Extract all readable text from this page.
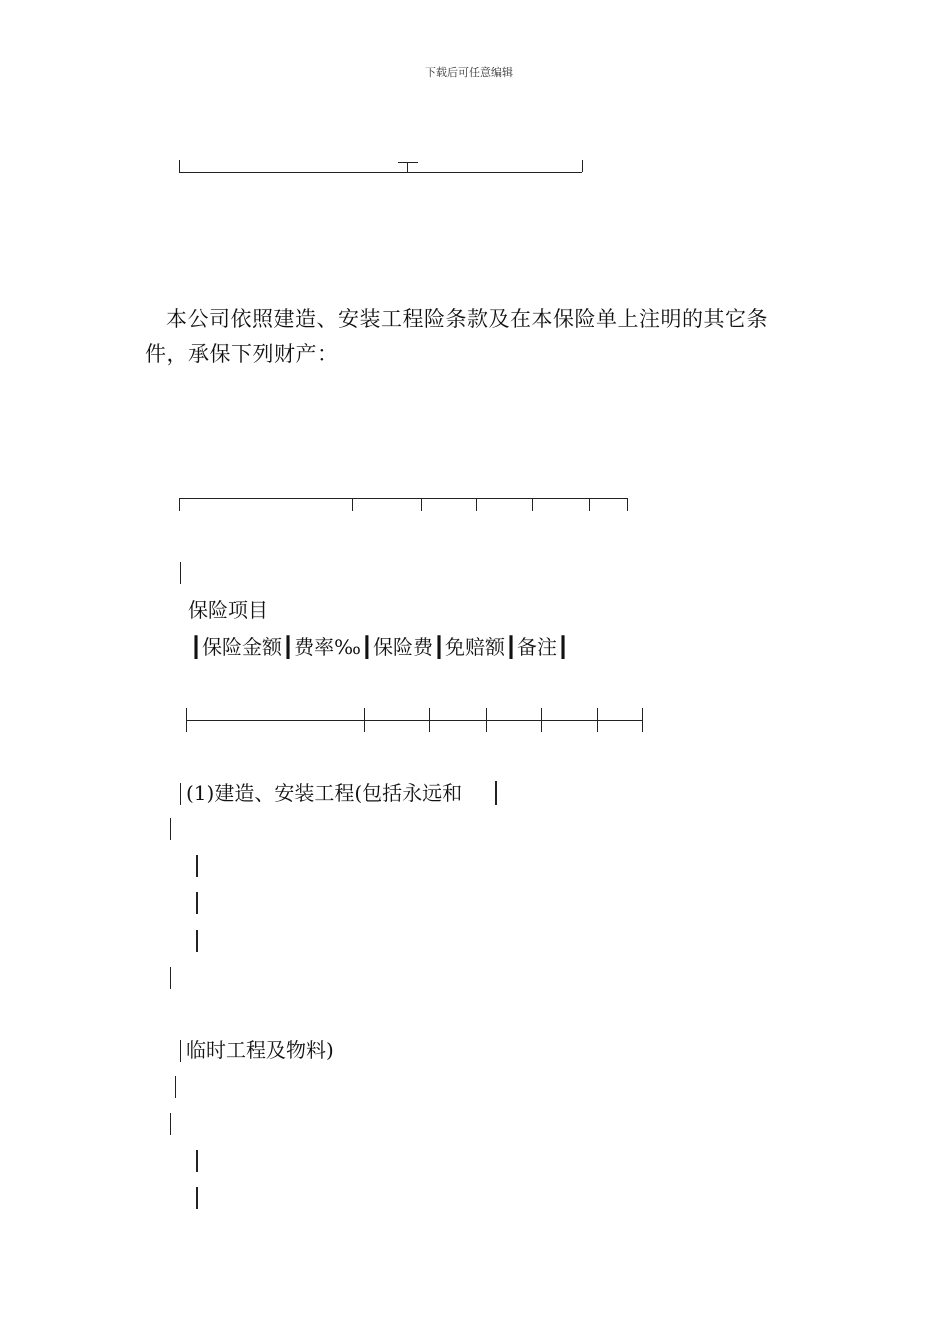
下载后可任意编辑
本公司依照建造、安装工程险条款及在本保险单上注明的其它条
件，承保下列财产：
保险项目
┃保险金额┃费率‰┃保险费┃免赔额┃备注┃
(1)建造、安装工程(包括永远和
临时工程及物料)
